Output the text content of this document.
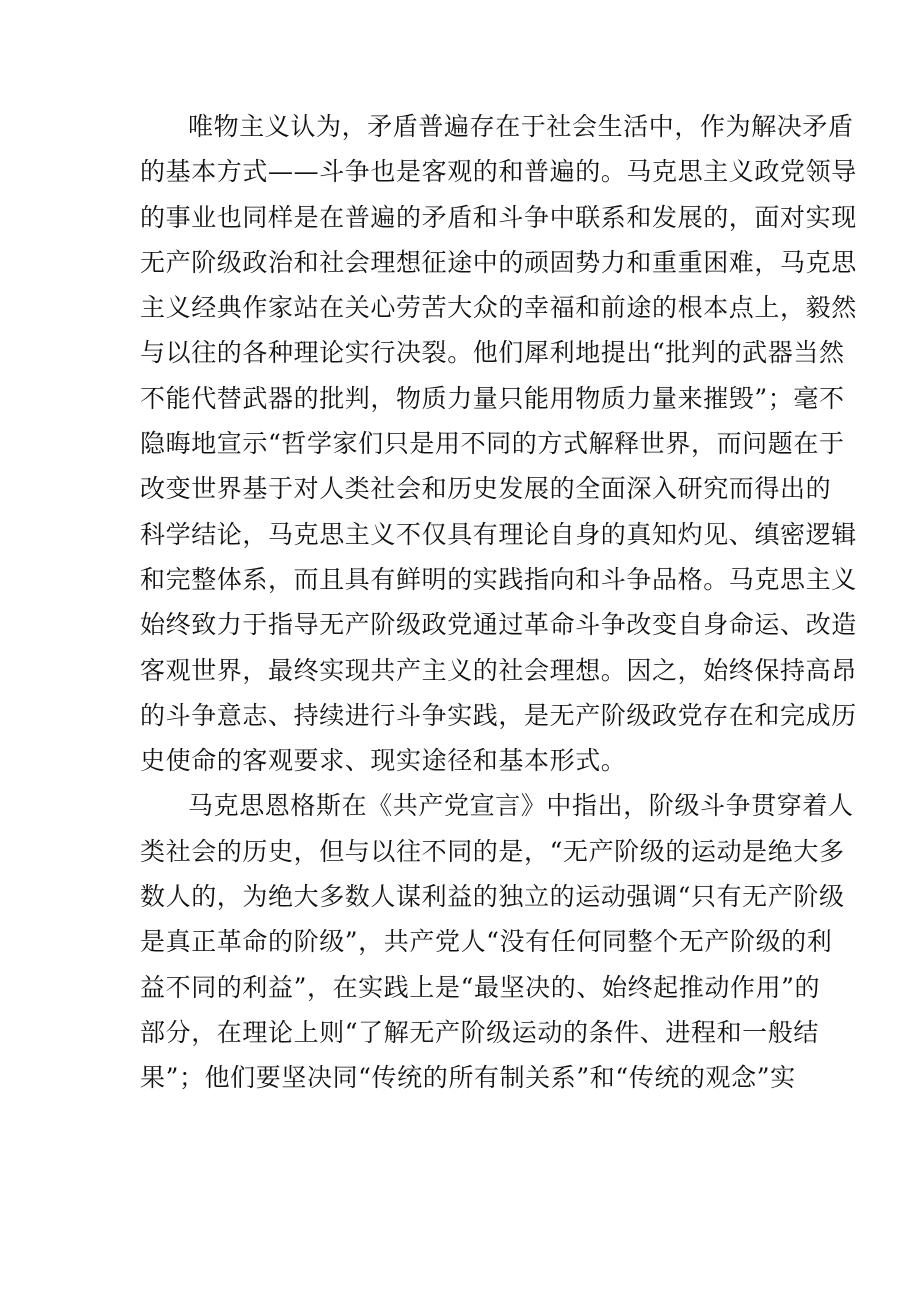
唯物主义认为，矛盾普遍存在于社会生活中，作为解决矛盾
的基本方式——斗争也是客观的和普遍的。马克思主义政党领导
的事业也同样是在普遍的矛盾和斗争中联系和发展的，面对实现
无产阶级政治和社会理想征途中的顽固势力和重重困难，马克思
主义经典作家站在关心劳苦大众的幸福和前途的根本点上，毅然
与以往的各种理论实行决裂。他们犀利地提出“批判的武器当然
不能代替武器的批判，物质力量只能用物质力量来摧毁”；毫不
隐晦地宣示“哲学家们只是用不同的方式解释世界，而问题在于
改变世界基于对人类社会和历史发展的全面深入研究而得出的
科学结论，马克思主义不仅具有理论自身的真知灼见、缜密逻辑
和完整体系，而且具有鲜明的实践指向和斗争品格。马克思主义
始终致力于指导无产阶级政党通过革命斗争改变自身命运、改造
客观世界，最终实现共产主义的社会理想。因之，始终保持高昂
的斗争意志、持续进行斗争实践，是无产阶级政党存在和完成历
史使命的客观要求、现实途径和基本形式。
马克思恩格斯在《共产党宣言》中指出，阶级斗争贯穿着人
类社会的历史，但与以往不同的是，“无产阶级的运动是绝大多
数人的，为绝大多数人谋利益的独立的运动强调“只有无产阶级
是真正革命的阶级”，共产党人“没有任何同整个无产阶级的利
益不同的利益”，在实践上是“最坚决的、始终起推动作用”的
部分，在理论上则“了解无产阶级运动的条件、进程和一般结
果”；他们要坚决同“传统的所有制关系”和“传统的观念”实
